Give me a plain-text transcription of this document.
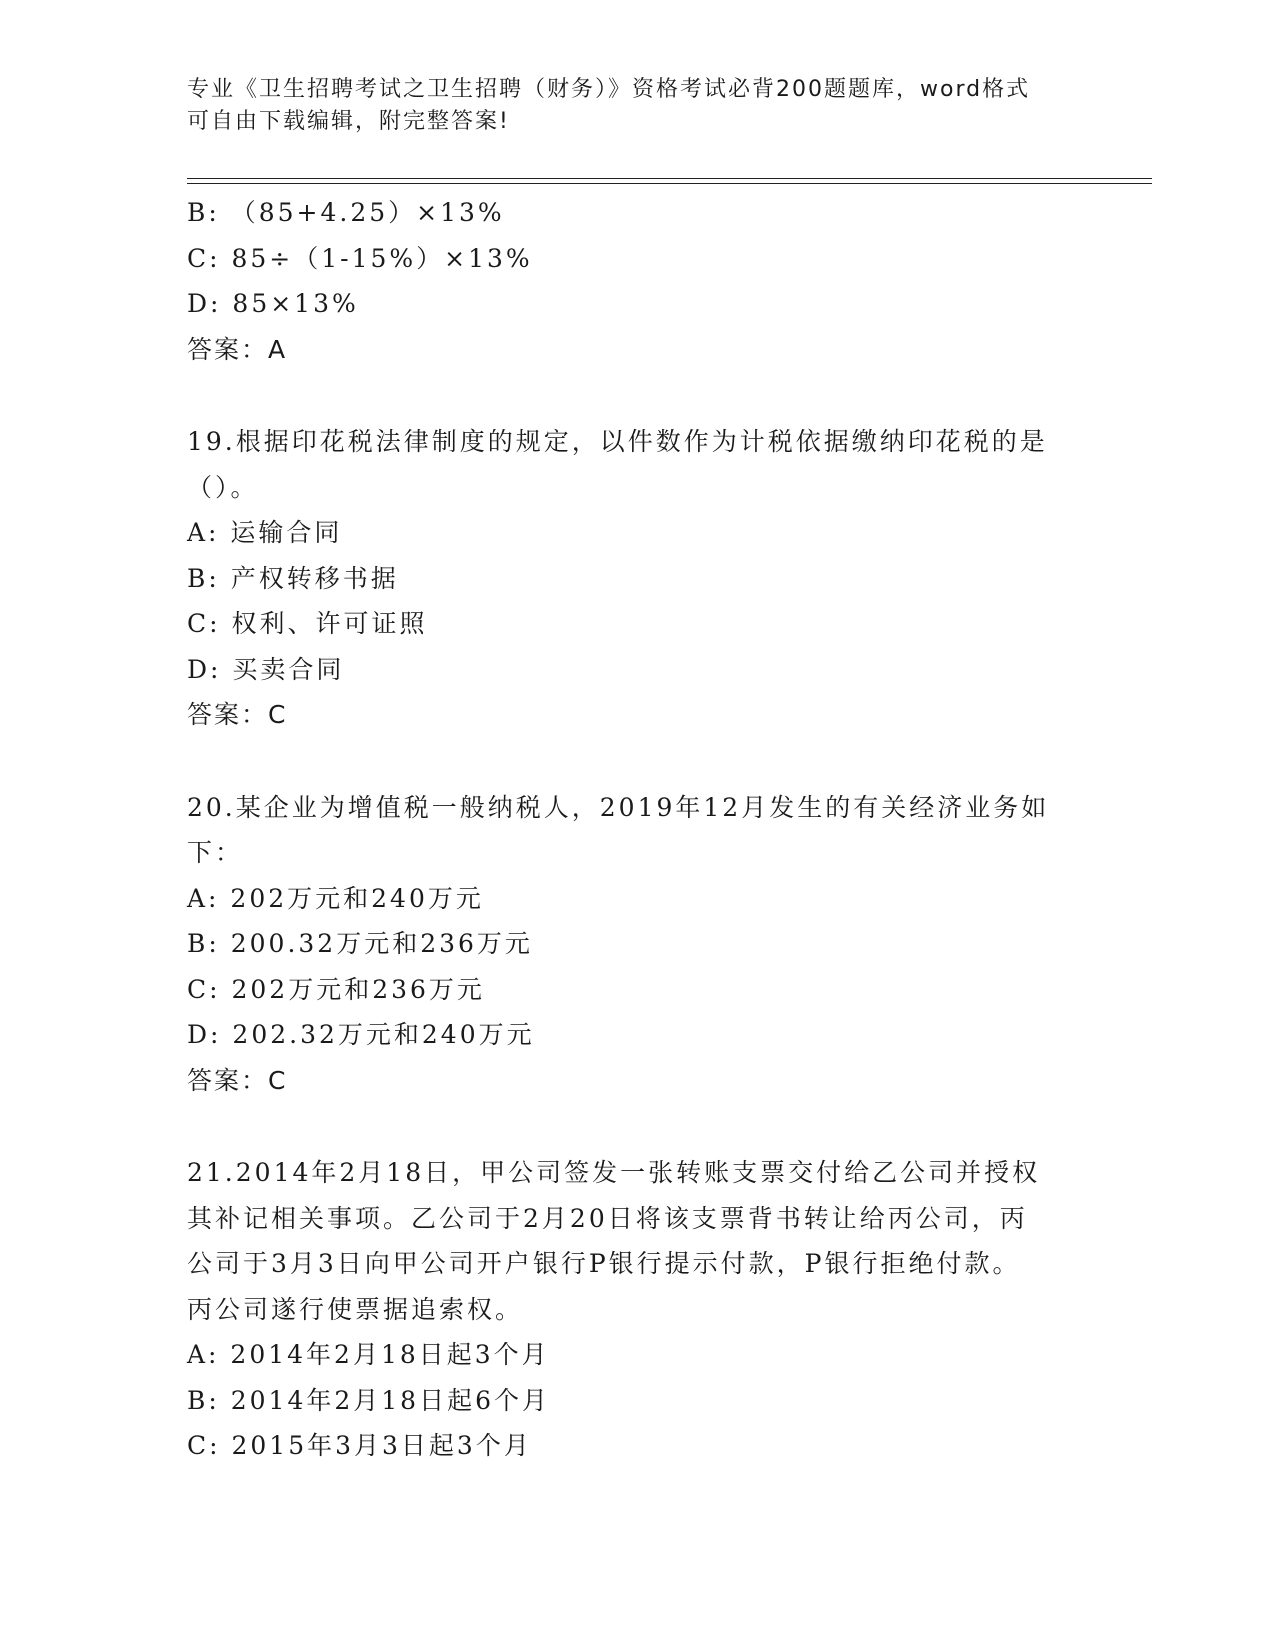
专业《卫生招聘考试之卫生招聘（财务）》资格考试必背200题题库，word格式
可自由下载编辑，附完整答案!
B: （85+4.25）×13%
C: 85÷（1-15%）×13%
D: 85×13%
答案：A
19.根据印花税法律制度的规定，以件数作为计税依据缴纳印花税的是
（）。
A: 运输合同
B: 产权转移书据
C: 权利、许可证照
D: 买卖合同
答案：C
20.某企业为增值税一般纳税人，2019年12月发生的有关经济业务如
下：
A: 202万元和240万元
B: 200.32万元和236万元
C: 202万元和236万元
D: 202.32万元和240万元
答案：C
21.2014年2月18日，甲公司签发一张转账支票交付给乙公司并授权
其补记相关事项。乙公司于2月20日将该支票背书转让给丙公司，丙
公司于3月3日向甲公司开户银行P银行提示付款，P银行拒绝付款。
丙公司遂行使票据追索权。
A: 2014年2月18日起3个月
B: 2014年2月18日起6个月
C: 2015年3月3日起3个月
